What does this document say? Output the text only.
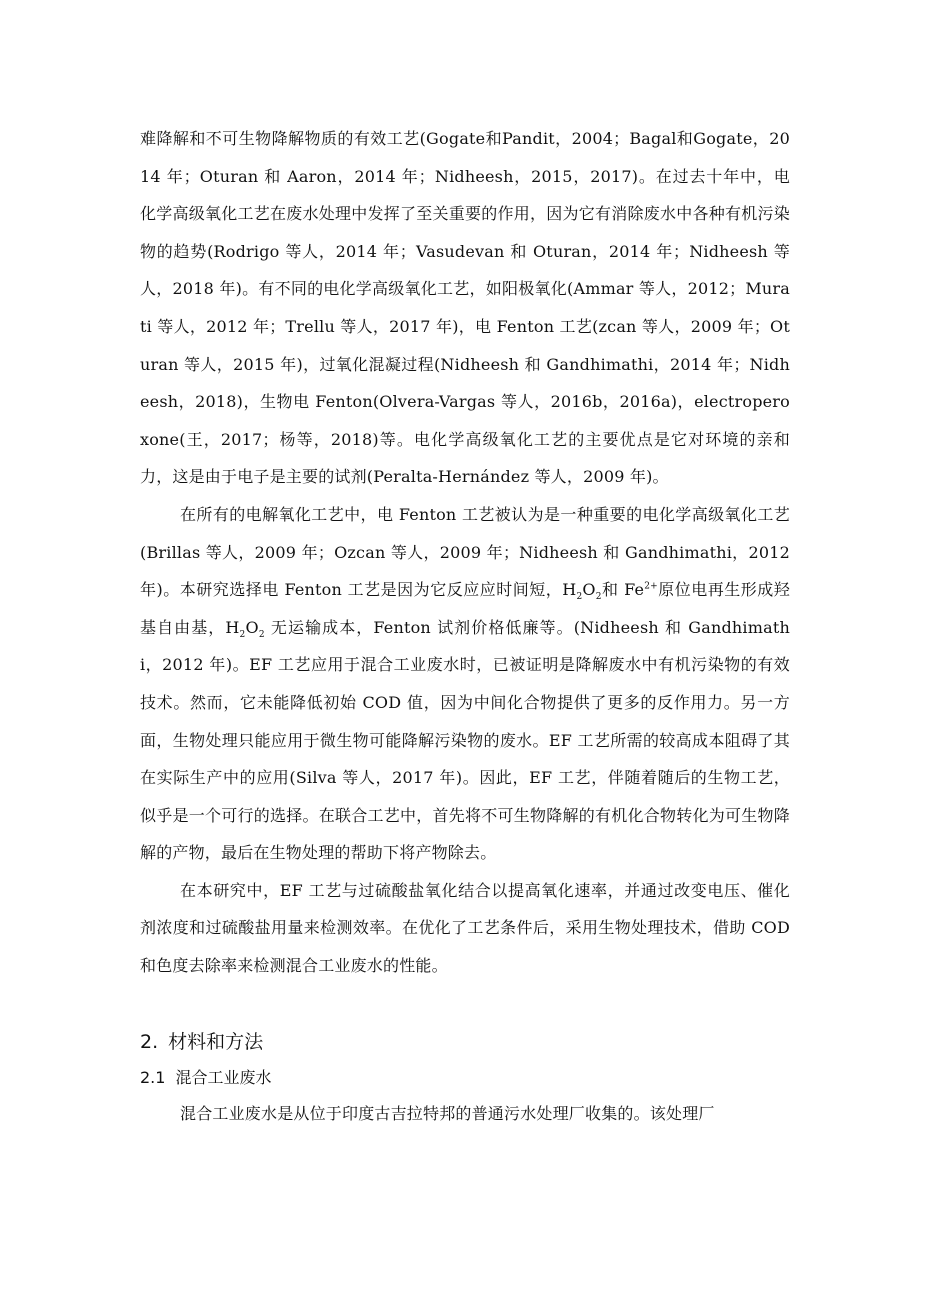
难降解和不可生物降解物质的有效工艺(Gogate和Pandit，2004；Bagal和Gogate，2014 年；Oturan 和 Aaron，2014 年；Nidheesh，2015，2017)。在过去十年中，电化学高级氧化工艺在废水处理中发挥了至关重要的作用，因为它有消除废水中各种有机污染物的趋势(Rodrigo 等人，2014 年；Vasudevan 和 Oturan，2014 年；Nidheesh 等人，2018 年)。有不同的电化学高级氧化工艺，如阳极氧化(Ammar 等人，2012；Murati 等人，2012 年；Trellu 等人，2017 年)，电 Fenton 工艺(zcan 等人，2009 年；Oturan 等人，2015 年)，过氧化混凝过程(Nidheesh 和 Gandhimathi，2014 年；Nidheesh，2018)，生物电 Fenton(Olvera-Vargas 等人，2016b，2016a)，electroperoxone(王，2017；杨等，2018)等。电化学高级氧化工艺的主要优点是它对环境的亲和力，这是由于电子是主要的试剂(Peralta-Hernández 等人，2009 年)。

在所有的电解氧化工艺中，电 Fenton 工艺被认为是一种重要的电化学高级氧化工艺(Brillas 等人，2009 年；Ozcan 等人，2009 年；Nidheesh 和 Gandhimathi，2012 年)。本研究选择电 Fenton 工艺是因为它反应应时间短，$H_2O_2$和 $Fe^{2+}$原位电再生形成羟基自由基，$H_2O_2$ 无运输成本，Fenton 试剂价格低廉等。(Nidheesh 和 Gandhimathi，2012 年)。EF 工艺应用于混合工业废水时，已被证明是降解废水中有机污染物的有效技术。然而，它未能降低初始 COD 值，因为中间化合物提供了更多的反作用力。另一方面，生物处理只能应用于微生物可能降解污染物的废水。EF 工艺所需的较高成本阻碍了其在实际生产中的应用(Silva 等人，2017 年)。因此，EF 工艺，伴随着随后的生物工艺，似乎是一个可行的选择。在联合工艺中，首先将不可生物降解的有机化合物转化为可生物降解的产物，最后在生物处理的帮助下将产物除去。

在本研究中，EF 工艺与过硫酸盐氧化结合以提高氧化速率，并通过改变电压、催化剂浓度和过硫酸盐用量来检测效率。在优化了工艺条件后，采用生物处理技术，借助 COD 和色度去除率来检测混合工业废水的性能。

2. 材料和方法
2.1 混合工业废水

混合工业废水是从位于印度古吉拉特邦的普通污水处理厂收集的。该处理厂
